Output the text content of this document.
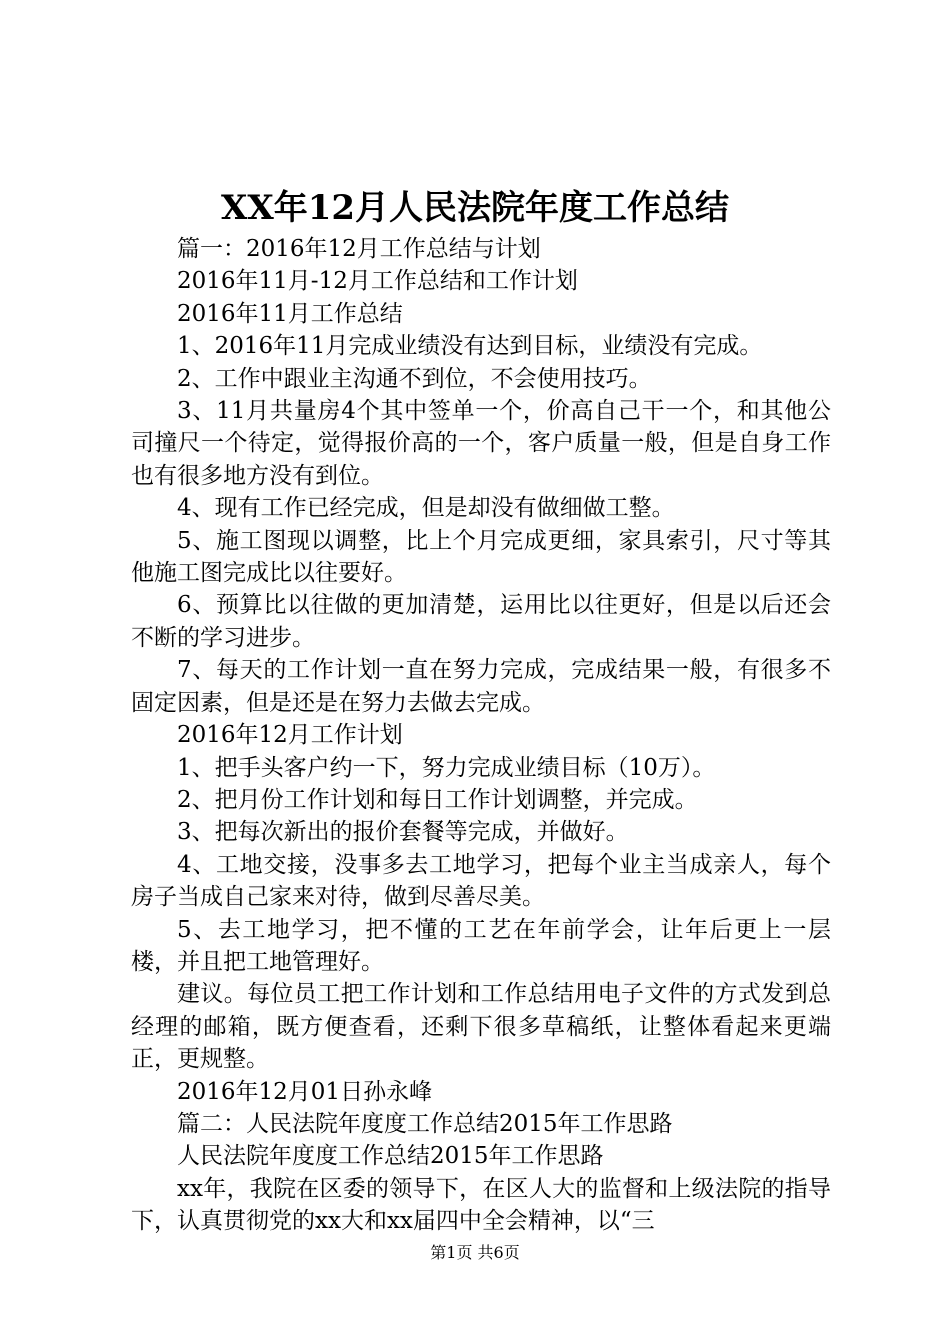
XX年12月人民法院年度工作总结

篇一：2016年12月工作总结与计划

2016年11月-12月工作总结和工作计划

2016年11月工作总结

1、2016年11月完成业绩没有达到目标，业绩没有完成。

2、工作中跟业主沟通不到位，不会使用技巧。

3、11月共量房4个其中签单一个，价高自己干一个，和其他公司撞尺一个待定，觉得报价高的一个，客户质量一般，但是自身工作也有很多地方没有到位。

4、现有工作已经完成，但是却没有做细做工整。

5、施工图现以调整，比上个月完成更细，家具索引，尺寸等其他施工图完成比以往要好。

6、预算比以往做的更加清楚，运用比以往更好，但是以后还会不断的学习进步。

7、每天的工作计划一直在努力完成，完成结果一般，有很多不固定因素，但是还是在努力去做去完成。

2016年12月工作计划

1、把手头客户约一下，努力完成业绩目标（10万）。

2、把月份工作计划和每日工作计划调整，并完成。

3、把每次新出的报价套餐等完成，并做好。

4、工地交接，没事多去工地学习，把每个业主当成亲人，每个房子当成自己家来对待，做到尽善尽美。

5、去工地学习，把不懂的工艺在年前学会，让年后更上一层楼，并且把工地管理好。

建议。每位员工把工作计划和工作总结用电子文件的方式发到总经理的邮箱，既方便查看，还剩下很多草稿纸，让整体看起来更端正，更规整。

2016年12月01日孙永峰

篇二：人民法院年度度工作总结2015年工作思路

人民法院年度度工作总结2015年工作思路

xx年，我院在区委的领导下，在区人大的监督和上级法院的指导下，认真贯彻党的xx大和xx届四中全会精神，以“三

第1页 共6页
